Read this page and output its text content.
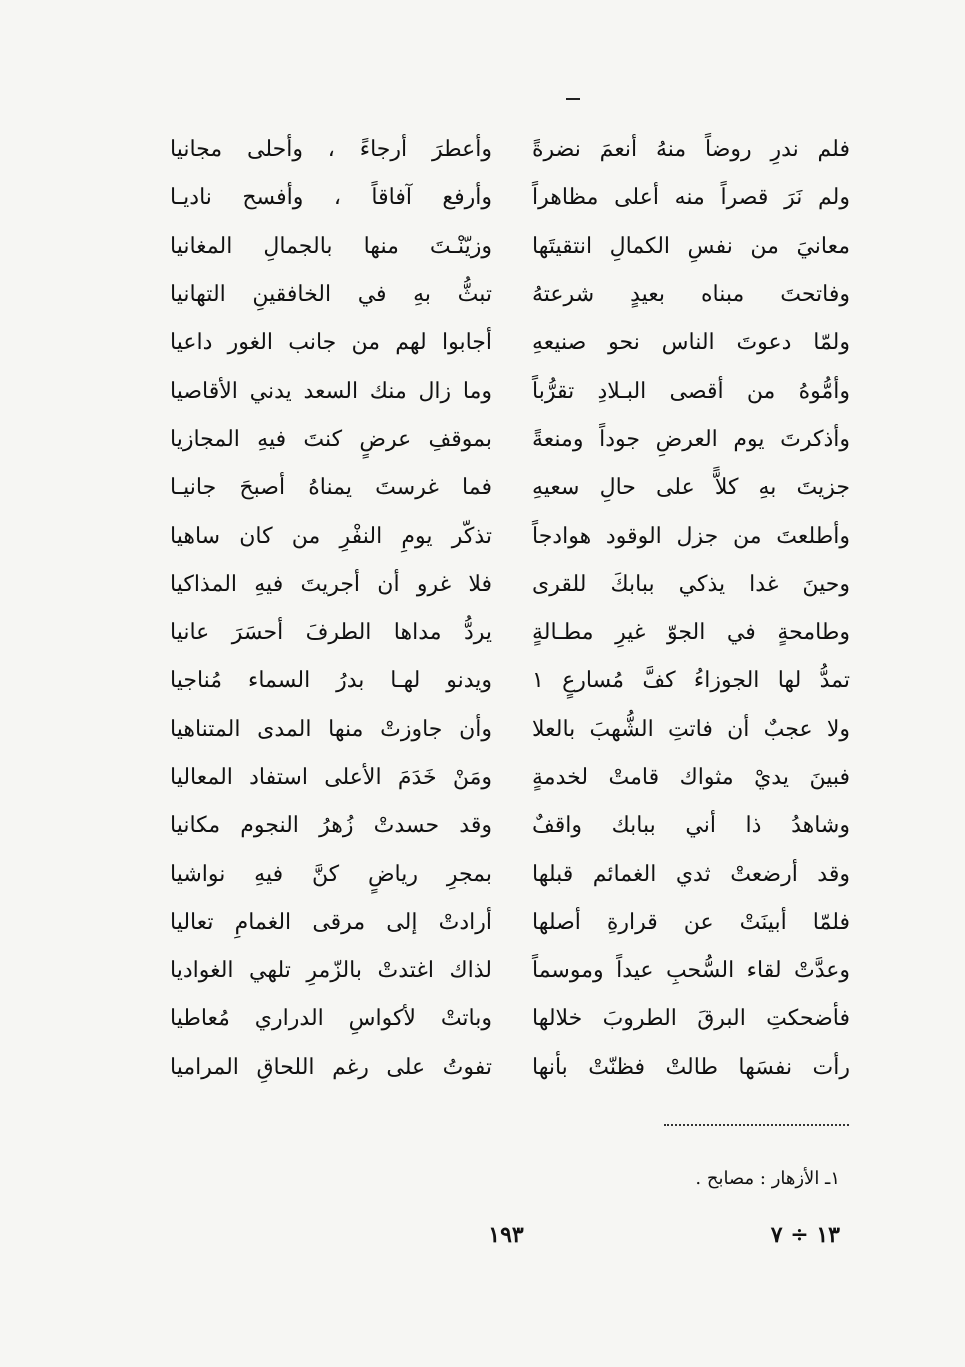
فلم ندرِ روضاً منهُ أنعمَ نضرةً
وأعطرَ أرجاءً ، وأحلى مجانيا
ولم نَرَ قصراً منه أعلى مظاهراً
وأرفع آفاقاً ، وأفسح ناديـا
معانيَ من نفسِ الكمالِ انتقيتَها
وزيّنْـتَ منها بالجمالِ المغانيا
وفاتحتَ مبناه بعيدٍ شرعتهُ
تبثُّ بهِ في الخافقينِ التهانيا
ولمّا دعوتَ الناس نحو صنيعهِ
أجابوا لهم من جانب الغور داعيا
وأمُّوهُ من أقصى البـلادِ تقرُّباً
وما زال منك السعد يدني الأقاصيا
وأذكرتَ يوم العرضِ جوداً ومنعةً
بموقفِ عرضٍ كنتَ فيهِ المجازيا
جزيتَ بهِ كلاًّ على حالِ سعيهِ
فما غرستَ يمناهُ أصبحَ جانيـا
وأطلعتَ من جزل الوقود هوادجاً
تذكّر يومِ النفْرِ من كان ساهيا
وحينَ غدا يذكي ببابكَ للقرى
فلا غرو أن أجريتَ فيهِ المذاكيا
وطامحةٍ في الجوّ غيرِ مطـالةٍ
يردُّ مداها الطرفَ أحسَرَ عانيا
تمدُّ لها الجوزاءُ كفَّ مُسارعٍ ١
ويدنو لهـا بدرُ السماء مُناجيا
ولا عجبٌ أن فاتتِ الشُّهبَ بالعلا
وأن جاوزتْ منها المدى المتناهيا
فبينَ يديْ مثواك قامتْ لخدمةٍ
ومَنْ خَدَمَ الأعلى استفاد المعاليا
وشاهدُ ذا أني ببابك واقفٌ
وقد حسدتْ زُهرُ النجوم مكانيا
وقد أرضعتْ ثدي الغمائم قبلها
بمجرِ رياضٍ كنَّ فيهِ نواشيا
فلمّا أبينَتْ عن قرارةِ أصلها
أرادتْ إلى مرقى الغمامِ تعاليا
وعدَّتْ لقاء السُّحبِ عيداً وموسماً
لذاك اغتدتْ بالزّمرِ تلهي الغواديا
فأضحكتِ البرقَ الطروبَ خلالها
وباتتْ لأكواسِ الدراري مُعاطيا
رأت نفسَها طالتْ فظنّتْ بأنها
تفوتُ على رغم اللحاقِ المراميا
١ـ الأزهار : مصابح .
١٩٣	١٣ ÷ ٧
